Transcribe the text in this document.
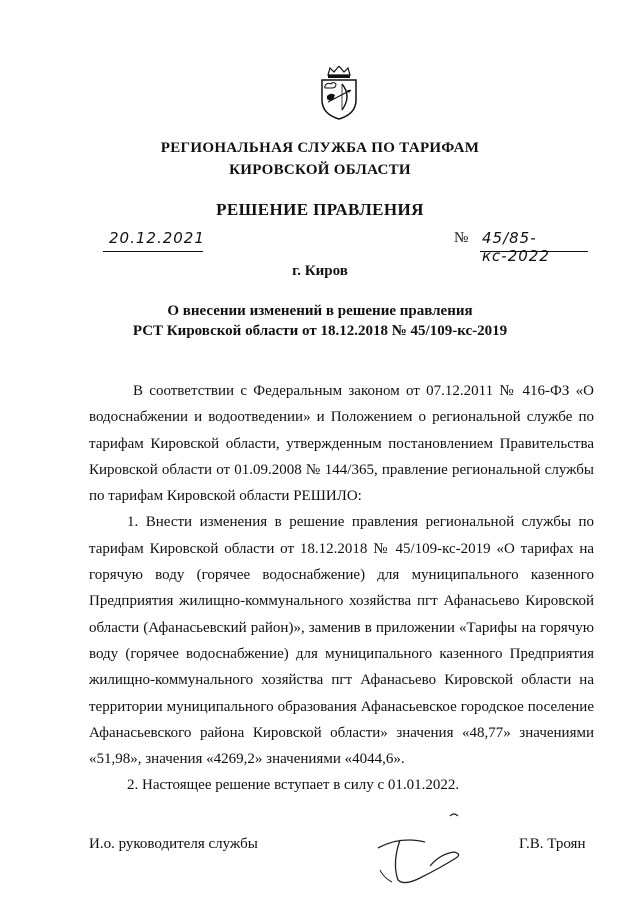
РЕГИОНАЛЬНАЯ СЛУЖБА ПО ТАРИФАМ
КИРОВСКОЙ ОБЛАСТИ
РЕШЕНИЕ ПРАВЛЕНИЯ
20.12.2021	№ 45/85-кс-2022
г. Киров
О внесении изменений в решение правления
РСТ Кировской области от 18.12.2018 № 45/109-кс-2019

В соответствии с Федеральным законом от 07.12.2011 № 416-ФЗ «О водоснабжении и водоотведении» и Положением о региональной службе по тарифам Кировской области, утвержденным постановлением Правительства Кировской области от 01.09.2008 № 144/365, правление региональной службы по тарифам Кировской области РЕШИЛО:

1. Внести изменения в решение правления региональной службы по тарифам Кировской области от 18.12.2018 № 45/109-кс-2019 «О тарифах на горячую воду (горячее водоснабжение) для муниципального казенного Предприятия жилищно-коммунального хозяйства пгт Афанасьево Кировской области (Афанасьевский район)», заменив в приложении «Тарифы на горячую воду (горячее водоснабжение) для муниципального казенного Предприятия жилищно-коммунального хозяйства пгт Афанасьево Кировской области на территории муниципального образования Афанасьевское городское поселение Афанасьевского района Кировской области» значения «48,77» значениями «51,98», значения «4269,2» значениями «4044,6».

2. Настоящее решение вступает в силу с 01.01.2022.

И.о. руководителя службы	Г.В. Троян
